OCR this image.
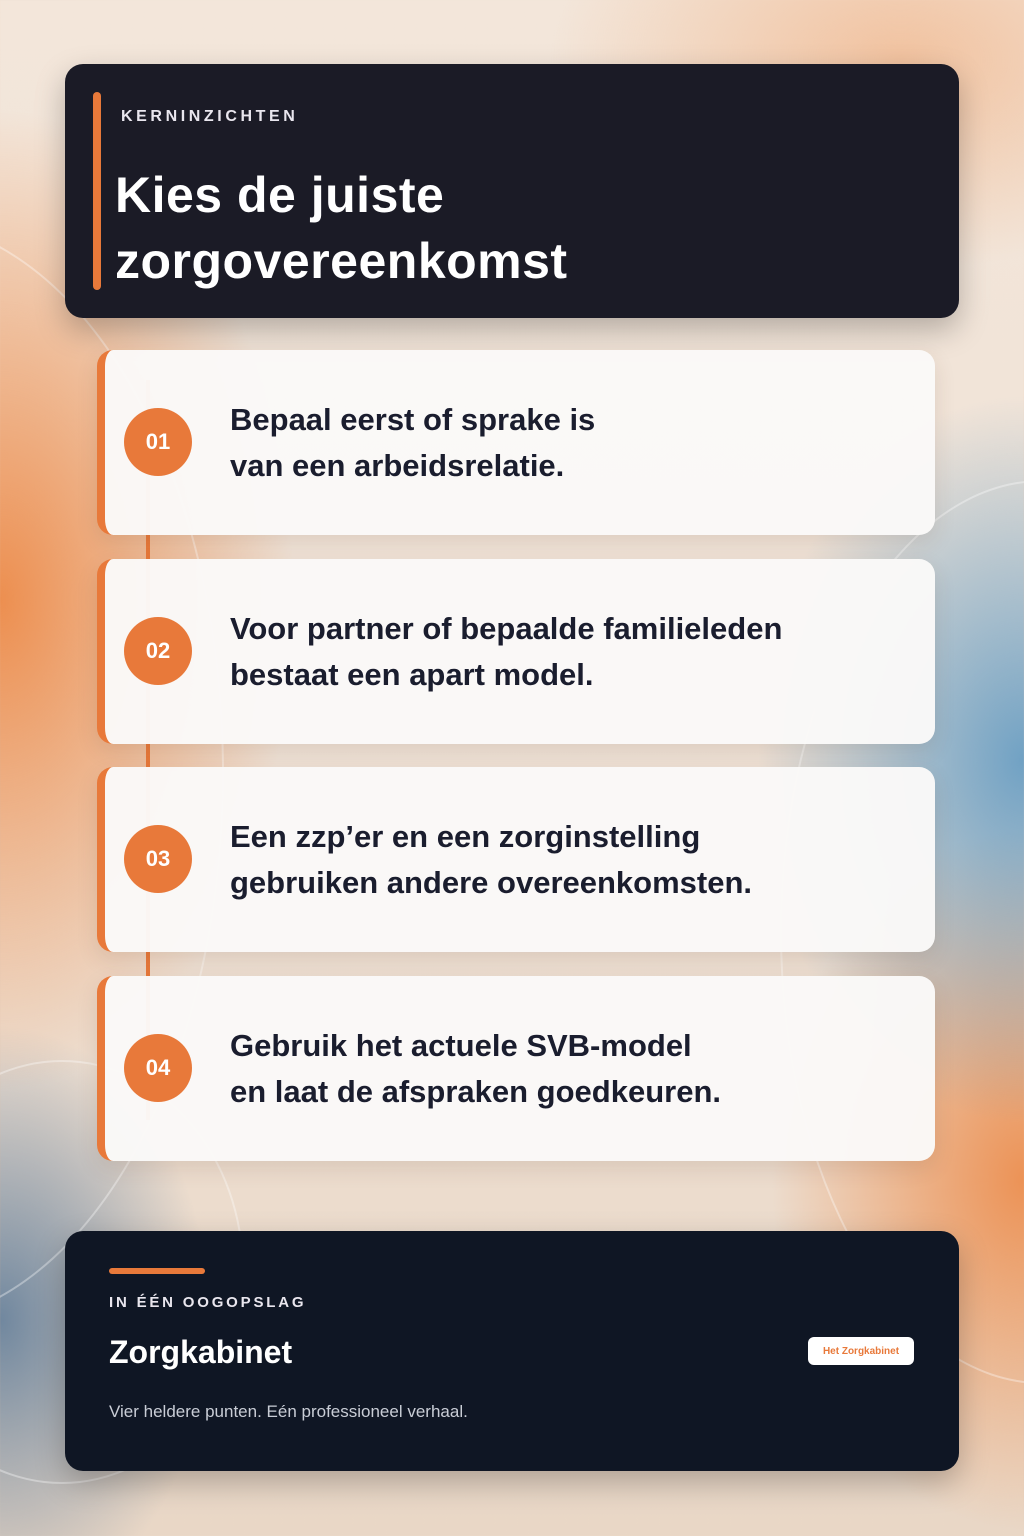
KERNINZICHTEN
Kies de juiste
zorgovereenkomst
01
Bepaal eerst of sprake is
van een arbeidsrelatie.
02
Voor partner of bepaalde familieleden
bestaat een apart model.
03
Een zzp’er en een zorginstelling
gebruiken andere overeenkomsten.
04
Gebruik het actuele SVB-model
en laat de afspraken goedkeuren.
IN ÉÉN OOGOPSLAG
Zorgkabinet
Vier heldere punten. Eén professioneel verhaal.
Het Zorgkabinet
